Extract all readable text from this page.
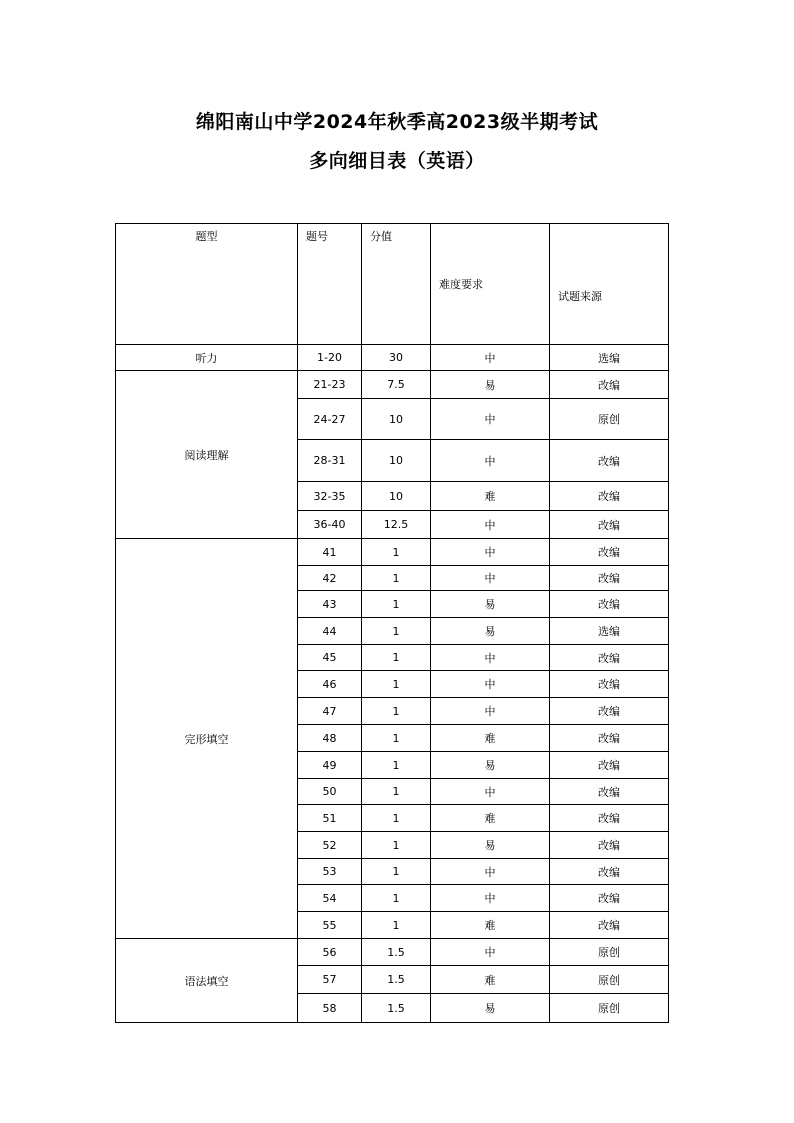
绵阳南山中学2024年秋季高2023级半期考试
多向细目表（英语）
题型	题号	分值	难度要求	试题来源
听力	1-20	30	中	选编
阅读理解	21-23	7.5	易	改编
	24-27	10	中	原创
	28-31	10	中	改编
	32-35	10	难	改编
	36-40	12.5	中	改编
完形填空	41	1	中	改编
	42	1	中	改编
	43	1	易	改编
	44	1	易	选编
	45	1	中	改编
	46	1	中	改编
	47	1	中	改编
	48	1	难	改编
	49	1	易	改编
	50	1	中	改编
	51	1	难	改编
	52	1	易	改编
	53	1	中	改编
	54	1	中	改编
	55	1	难	改编
语法填空	56	1.5	中	原创
	57	1.5	难	原创
	58	1.5	易	原创
